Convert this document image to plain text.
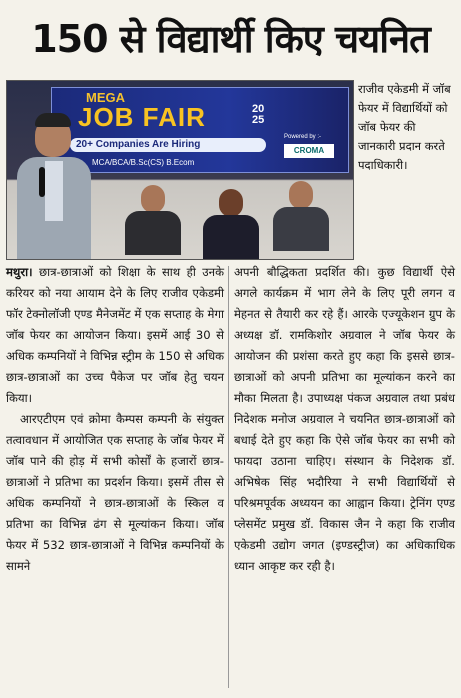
150 से विद्यार्थी किए चयनित
MEGA
JOB FAIR	20
25
20+ Companies Are Hiring
Powered by :-
CROMA
MCA/BCA/B.Sc(CS) B.Ecom
राजीव एकेडमी में जॉब फेयर में विद्यार्थियों को जॉब फेयर की जानकारी प्रदान करते पदाधिकारी।

मथुरा। छात्र-छात्राओं को शिक्षा के साथ ही उनके करियर को नया आयाम देने के लिए राजीव एकेडमी फॉर टेक्नोलॉजी एण्ड मैनेजमेंट में एक सप्ताह के मेगा जॉब फेयर का आयोजन किया। इसमें आई 30 से अधिक कम्पनियों ने विभिन्न स्ट्रीम के 150 से अधिक छात्र-छात्राओं का उच्च पैकेज पर जॉब हेतु चयन किया।

आरएटीएम एवं क्रोमा कैम्पस कम्पनी के संयुक्त तत्वावधान में आयोजित एक सप्ताह के जॉब फेयर में जॉब पाने की होड़ में सभी कोर्सों के हजारों छात्र-छात्राओं ने प्रतिभा का प्रदर्शन किया। इसमें तीस से अधिक कम्पनियों ने छात्र-छात्राओं के स्किल व प्रतिभा का विभिन्न ढंग से मूल्यांकन किया। जॉब फेयर में 532 छात्र-छात्राओं ने विभिन्न कम्पनियों के सामने

अपनी बौद्धिकता प्रदर्शित की। कुछ विद्यार्थी ऐसे अगले कार्यक्रम में भाग लेने के लिए पूरी लगन व मेहनत से तैयारी कर रहे हैं। आरके एज्यूकेशन ग्रुप के अध्यक्ष डॉ. रामकिशोर अग्रवाल ने जॉब फेयर के आयोजन की प्रशंसा करते हुए कहा कि इससे छात्र-छात्राओं को अपनी प्रतिभा का मूल्यांकन करने का मौका मिलता है। उपाध्यक्ष पंकज अग्रवाल तथा प्रबंध निदेशक मनोज अग्रवाल ने चयनित छात्र-छात्राओं को बधाई देते हुए कहा कि ऐसे जॉब फेयर का सभी को फायदा उठाना चाहिए। संस्थान के निदेशक डॉ. अभिषेक सिंह भदौरिया ने सभी विद्यार्थियों से परिश्रमपूर्वक अध्ययन का आह्वान किया। ट्रेनिंग एण्ड प्लेसमेंट प्रमुख डॉ. विकास जैन ने कहा कि राजीव एकेडमी उद्योग जगत (इण्डस्ट्रीज) का अधिकाधिक ध्यान आकृष्ट कर रही है।
